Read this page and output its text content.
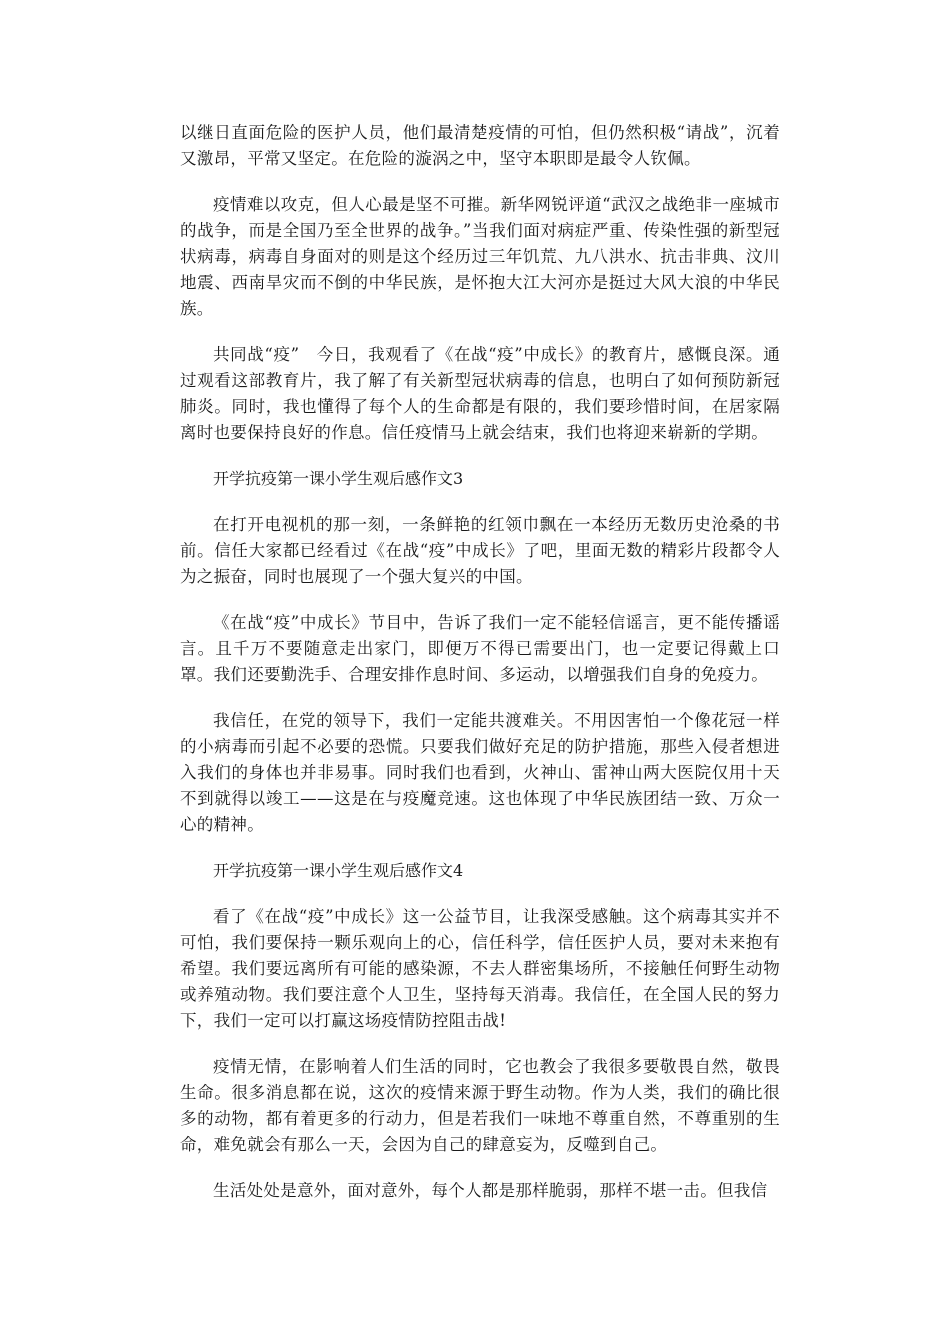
以继日直面危险的医护人员，他们最清楚疫情的可怕，但仍然积极“请战”，沉着又激昂，平常又坚定。在危险的漩涡之中，坚守本职即是最令人钦佩。

疫情难以攻克，但人心最是坚不可摧。新华网锐评道“武汉之战绝非一座城市的战争，而是全国乃至全世界的战争。”当我们面对病症严重、传染性强的新型冠状病毒，病毒自身面对的则是这个经历过三年饥荒、九八洪水、抗击非典、汶川地震、西南旱灾而不倒的中华民族，是怀抱大江大河亦是挺过大风大浪的中华民族。

共同战“疫”　今日，我观看了《在战“疫”中成长》的教育片，感慨良深。通过观看这部教育片，我了解了有关新型冠状病毒的信息，也明白了如何预防新冠肺炎。同时，我也懂得了每个人的生命都是有限的，我们要珍惜时间，在居家隔离时也要保持良好的作息。信任疫情马上就会结束，我们也将迎来崭新的学期。

开学抗疫第一课小学生观后感作文3

在打开电视机的那一刻，一条鲜艳的红领巾飘在一本经历无数历史沧桑的书前。信任大家都已经看过《在战“疫”中成长》了吧，里面无数的精彩片段都令人为之振奋，同时也展现了一个强大复兴的中国。

《在战“疫”中成长》节目中，告诉了我们一定不能轻信谣言，更不能传播谣言。且千万不要随意走出家门，即便万不得已需要出门，也一定要记得戴上口罩。我们还要勤洗手、合理安排作息时间、多运动，以增强我们自身的免疫力。

我信任，在党的领导下，我们一定能共渡难关。不用因害怕一个像花冠一样的小病毒而引起不必要的恐慌。只要我们做好充足的防护措施，那些入侵者想进入我们的身体也并非易事。同时我们也看到，火神山、雷神山两大医院仅用十天不到就得以竣工——这是在与疫魔竞速。这也体现了中华民族团结一致、万众一心的精神。

开学抗疫第一课小学生观后感作文4

看了《在战“疫”中成长》这一公益节目，让我深受感触。这个病毒其实并不可怕，我们要保持一颗乐观向上的心，信任科学，信任医护人员，要对未来抱有希望。我们要远离所有可能的感染源，不去人群密集场所，不接触任何野生动物或养殖动物。我们要注意个人卫生，坚持每天消毒。我信任，在全国人民的努力下，我们一定可以打赢这场疫情防控阻击战!

疫情无情，在影响着人们生活的同时，它也教会了我很多要敬畏自然，敬畏生命。很多消息都在说，这次的疫情来源于野生动物。作为人类，我们的确比很多的动物，都有着更多的行动力，但是若我们一味地不尊重自然，不尊重别的生命，难免就会有那么一天，会因为自己的肆意妄为，反噬到自己。

生活处处是意外，面对意外，每个人都是那样脆弱，那样不堪一击。但我信
